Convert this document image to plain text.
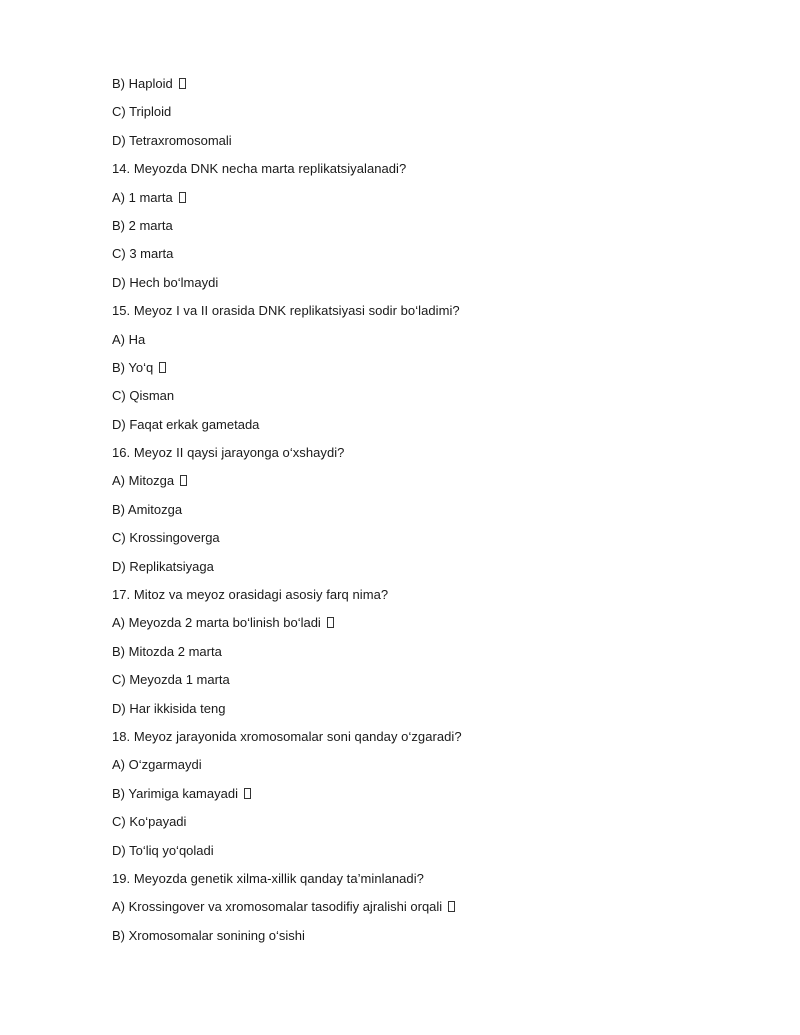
B) Haploid
C) Triploid
D) Tetraxromosomali
14. Meyozda DNK necha marta replikatsiyalanadi?
A) 1 marta
B) 2 marta
C) 3 marta
D) Hech bo‘lmaydi
15. Meyoz I va II orasida DNK replikatsiyasi sodir bo‘ladimi?
A) Ha
B) Yo‘q
C) Qisman
D) Faqat erkak gametada
16. Meyoz II qaysi jarayonga o‘xshaydi?
A) Mitozga
B) Amitozga
C) Krossingoverga
D) Replikatsiyaga
17. Mitoz va meyoz orasidagi asosiy farq nima?
A) Meyozda 2 marta bo‘linish bo‘ladi
B) Mitozda 2 marta
C) Meyozda 1 marta
D) Har ikkisida teng
18. Meyoz jarayonida xromosomalar soni qanday o‘zgaradi?
A) O‘zgarmaydi
B) Yarimiga kamayadi
C) Ko‘payadi
D) To‘liq yo‘qoladi
19. Meyozda genetik xilma-xillik qanday ta’minlanadi?
A) Krossingover va xromosomalar tasodifiy ajralishi orqali
B) Xromosomalar sonining o‘sishi
